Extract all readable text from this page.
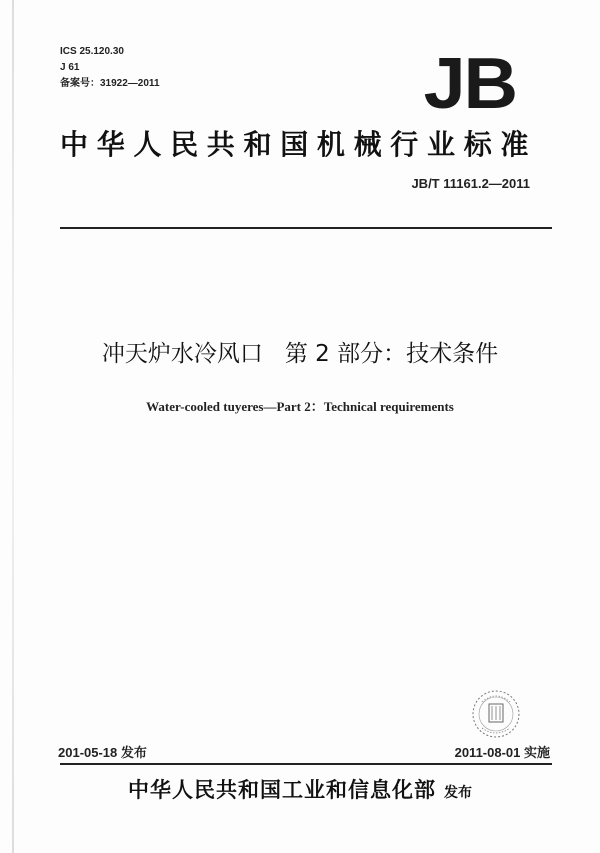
ICS 25.120.30
J 61
备案号：31922—2011	JB
中华人民共和国机械行业标准
JB/T 11161.2—2011
冲天炉水冷风口 第 2 部分：技术条件
Water-cooled tuyeres—Part 2：Technical requirements
201-05-18 发布	2011-08-01 实施
中华人民共和国工业和信息化部 发布
